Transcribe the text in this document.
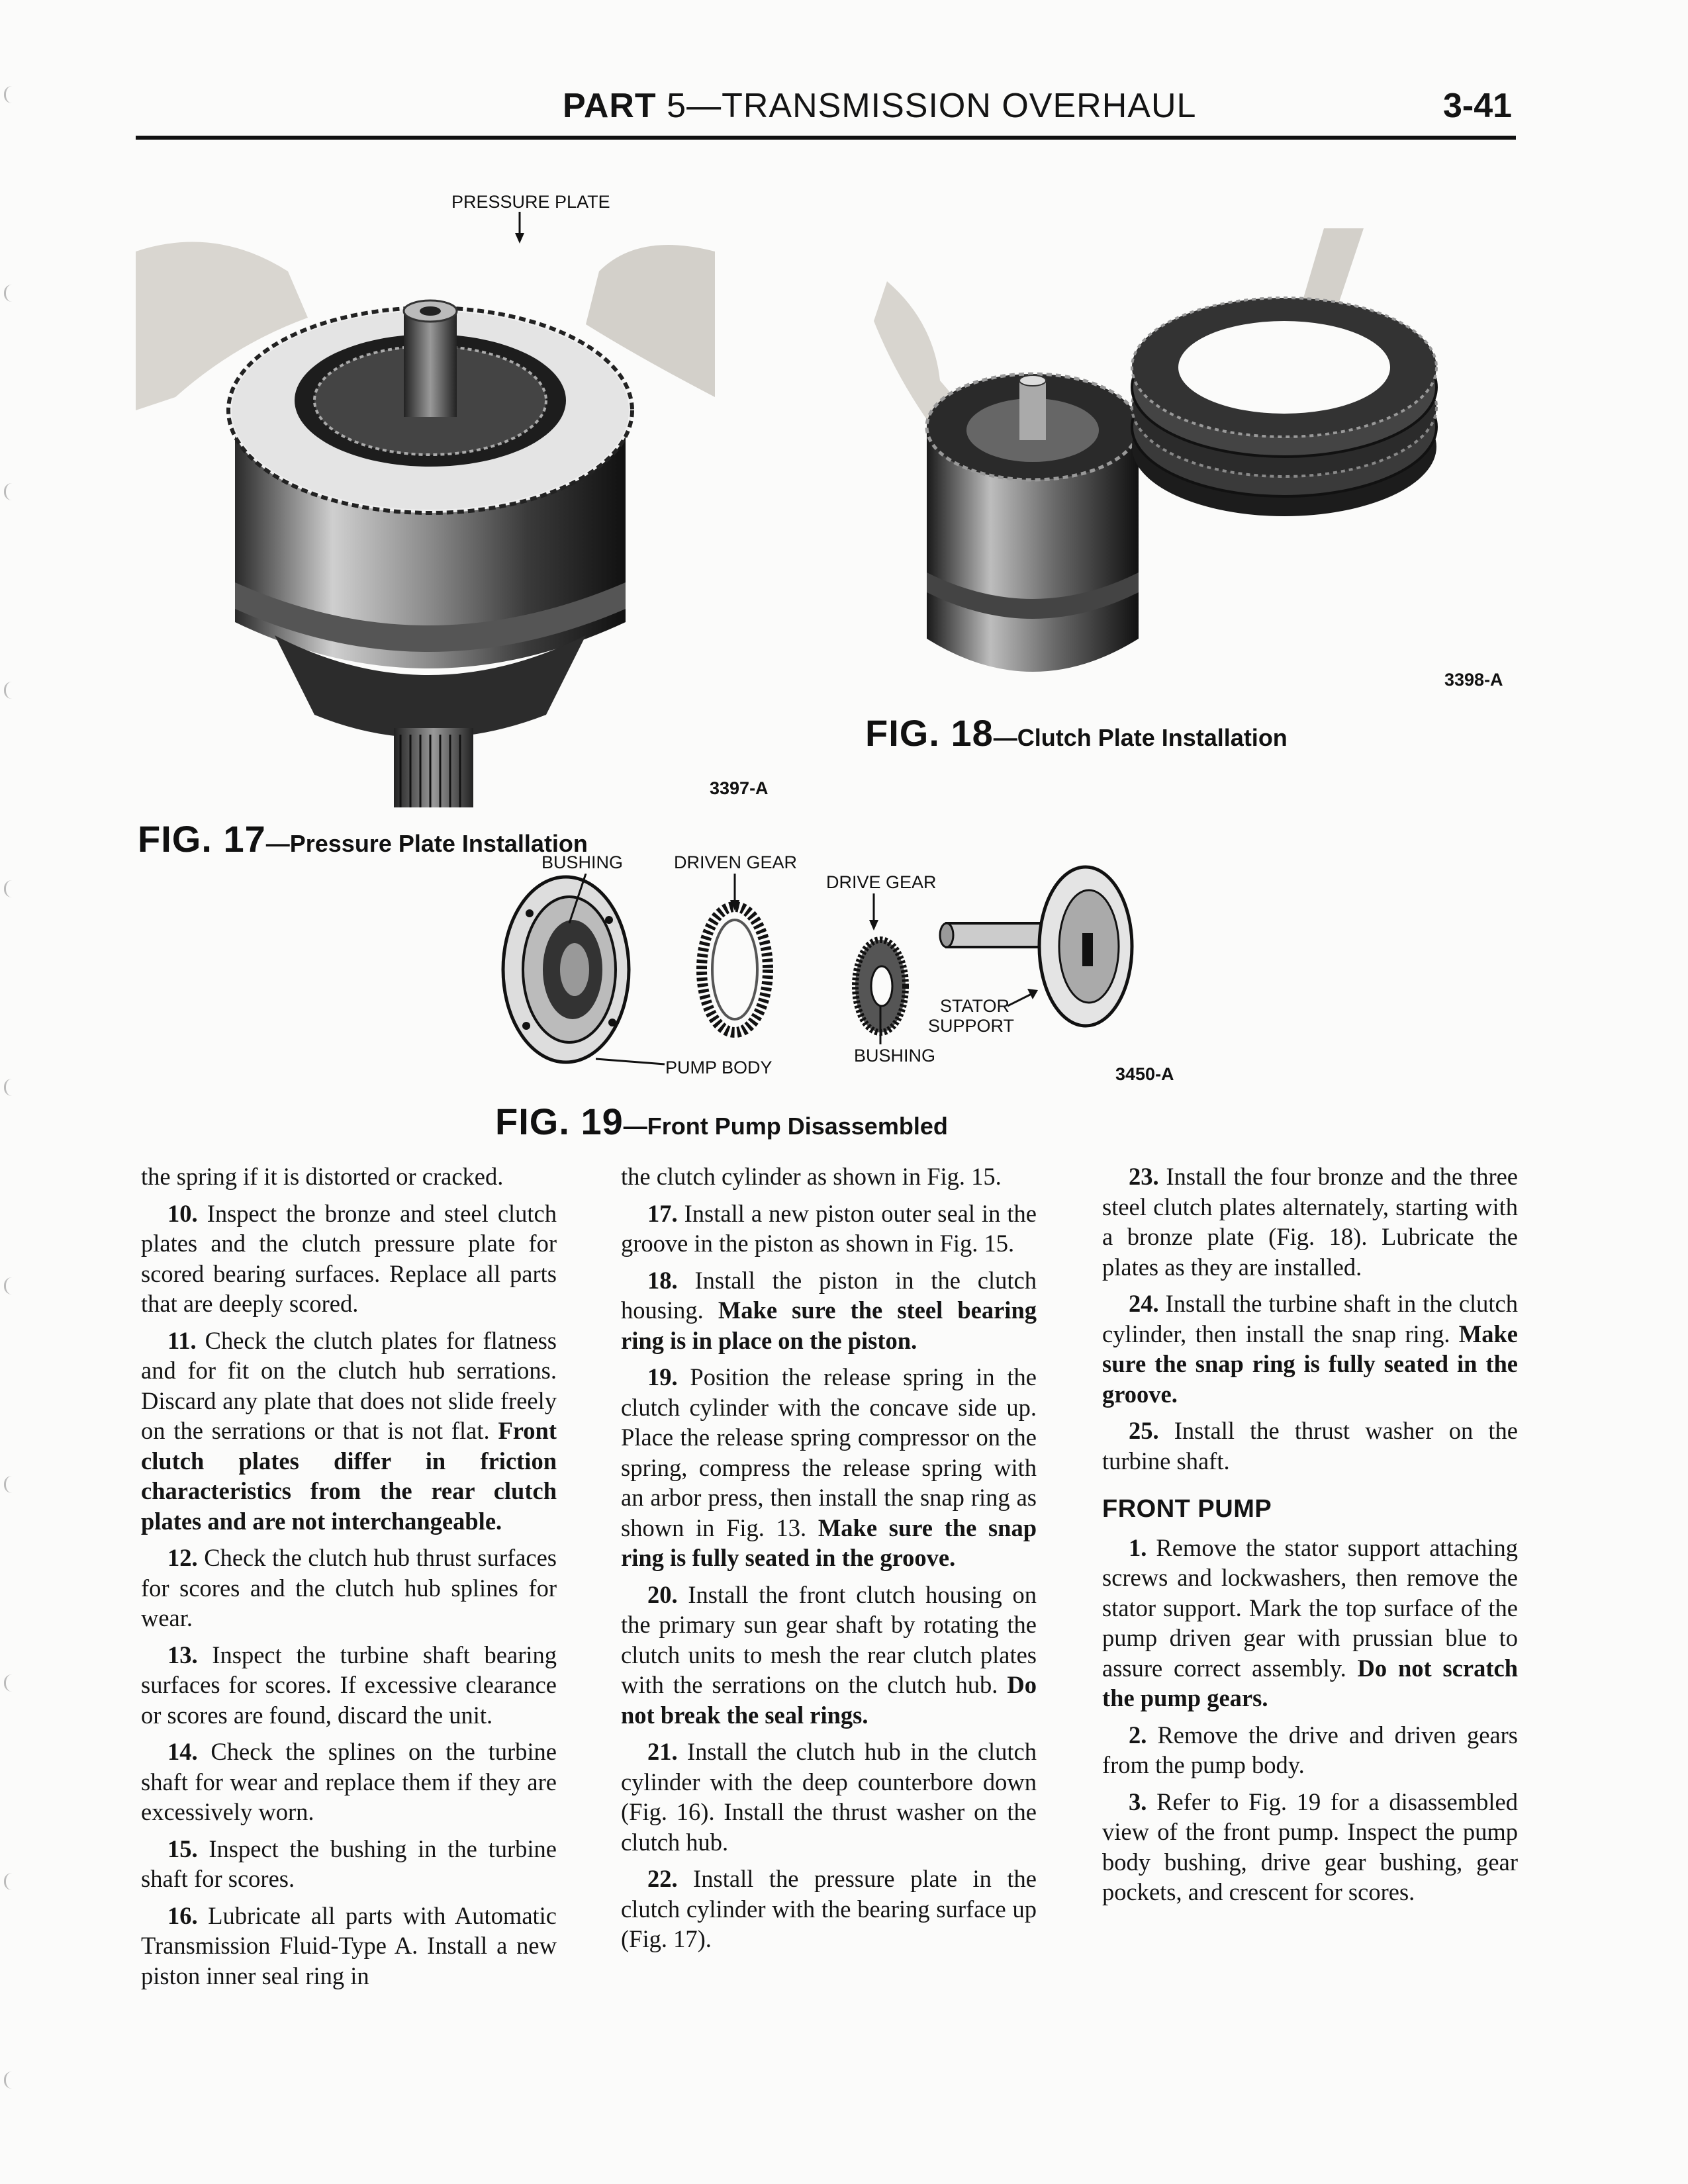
PART 5—TRANSMISSION OVERHAUL	3-41
PRESSURE PLATE
3397-A
FIG. 17—Pressure Plate Installation
3398-A
FIG. 18—Clutch Plate Installation
BUSHING	DRIVEN GEAR
DRIVE GEAR
STATOR
SUPPORT
BUSHING
PUMP BODY	3450-A
FIG. 19—Front Pump Disassembled

the spring if it is distorted or cracked.

10. Inspect the bronze and steel clutch plates and the clutch pressure plate for scored bearing surfaces. Replace all parts that are deeply scored.

11. Check the clutch plates for flatness and for fit on the clutch hub serrations. Discard any plate that does not slide freely on the serrations or that is not flat. Front clutch plates differ in friction characteristics from the rear clutch plates and are not interchangeable.

12. Check the clutch hub thrust surfaces for scores and the clutch hub splines for wear.

13. Inspect the turbine shaft bearing surfaces for scores. If excessive clearance or scores are found, discard the unit.

14. Check the splines on the turbine shaft for wear and replace them if they are excessively worn.

15. Inspect the bushing in the turbine shaft for scores.

16. Lubricate all parts with Automatic Transmission Fluid-Type A. Install a new piston inner seal ring in

the clutch cylinder as shown in Fig. 15.

17. Install a new piston outer seal in the groove in the piston as shown in Fig. 15.

18. Install the piston in the clutch housing. Make sure the steel bearing ring is in place on the piston.

19. Position the release spring in the clutch cylinder with the concave side up. Place the release spring compressor on the spring, compress the release spring with an arbor press, then install the snap ring as shown in Fig. 13. Make sure the snap ring is fully seated in the groove.

20. Install the front clutch housing on the primary sun gear shaft by rotating the clutch units to mesh the rear clutch plates with the serrations on the clutch hub. Do not break the seal rings.

21. Install the clutch hub in the clutch cylinder with the deep counterbore down (Fig. 16). Install the thrust washer on the clutch hub.

22. Install the pressure plate in the clutch cylinder with the bearing surface up (Fig. 17).

23. Install the four bronze and the three steel clutch plates alternately, starting with a bronze plate (Fig. 18). Lubricate the plates as they are installed.

24. Install the turbine shaft in the clutch cylinder, then install the snap ring. Make sure the snap ring is fully seated in the groove.

25. Install the thrust washer on the turbine shaft.

FRONT PUMP

1. Remove the stator support attaching screws and lockwashers, then remove the stator support. Mark the top surface of the pump driven gear with prussian blue to assure correct assembly. Do not scratch the pump gears.

2. Remove the drive and driven gears from the pump body.

3. Refer to Fig. 19 for a disassembled view of the front pump. Inspect the pump body bushing, drive gear bushing, gear pockets, and crescent for scores.
